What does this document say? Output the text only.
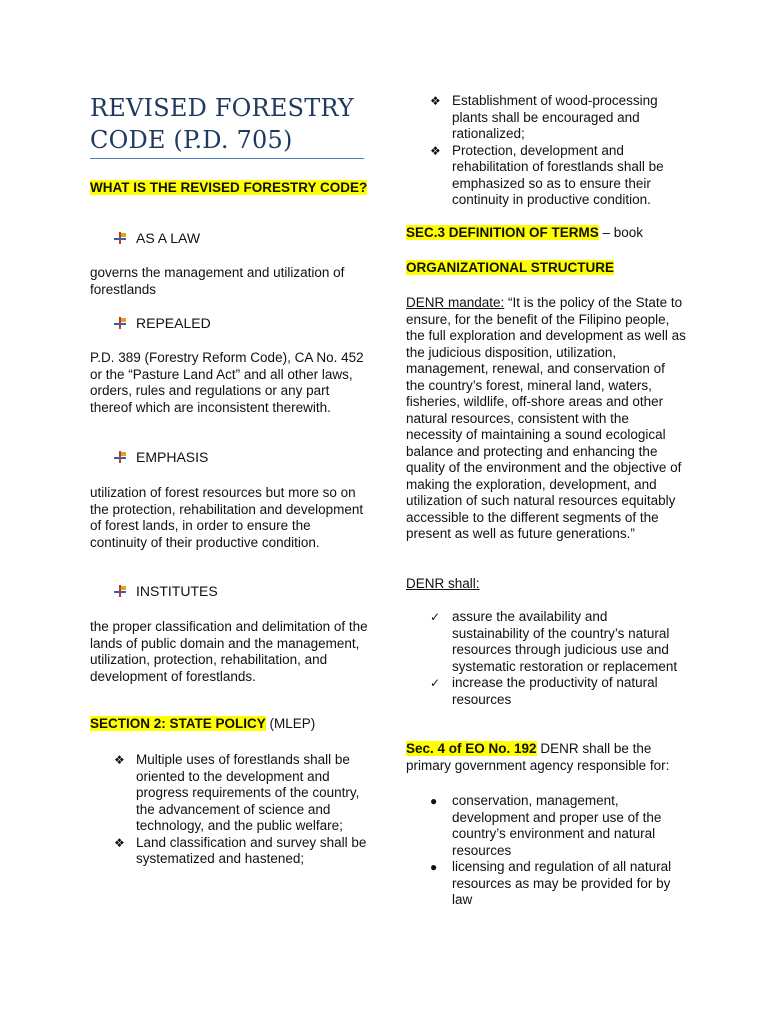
REVISED FORESTRY CODE (P.D. 705)
WHAT IS THE REVISED FORESTRY CODE?
AS A LAW
governs the management and utilization of forestlands
REPEALED
P.D. 389 (Forestry Reform Code), CA No. 452 or the “Pasture Land Act” and all other laws, orders, rules and regulations or any part thereof which are inconsistent therewith.
EMPHASIS
utilization of forest resources but more so on the protection, rehabilitation and development of forest lands, in order to ensure the continuity of their productive condition.
INSTITUTES
the proper classification and delimitation of the lands of public domain and the management, utilization, protection, rehabilitation, and development of forestlands.
SECTION 2: STATE POLICY (MLEP)
❖ Multiple uses of forestlands shall be oriented to the development and progress requirements of the country, the advancement of science and technology, and the public welfare;
❖ Land classification and survey shall be systematized and hastened;
❖ Establishment of wood-processing plants shall be encouraged and rationalized;
❖ Protection, development and rehabilitation of forestlands shall be emphasized so as to ensure their continuity in productive condition.
SEC.3 DEFINITION OF TERMS – book
ORGANIZATIONAL STRUCTURE
DENR mandate: “It is the policy of the State to ensure, for the benefit of the Filipino people, the full exploration and development as well as the judicious disposition, utilization, management, renewal, and conservation of the country’s forest, mineral land, waters, fisheries, wildlife, off-shore areas and other natural resources, consistent with the necessity of maintaining a sound ecological balance and protecting and enhancing the quality of the environment and the objective of making the exploration, development, and utilization of such natural resources equitably accessible to the different segments of the present as well as future generations.”
DENR shall:
✓ assure the availability and sustainability of the country’s natural resources through judicious use and systematic restoration or replacement
✓ increase the productivity of natural resources
Sec. 4 of EO No. 192 DENR shall be the primary government agency responsible for:
● conservation, management, development and proper use of the country’s environment and natural resources
● licensing and regulation of all natural resources as may be provided for by law
